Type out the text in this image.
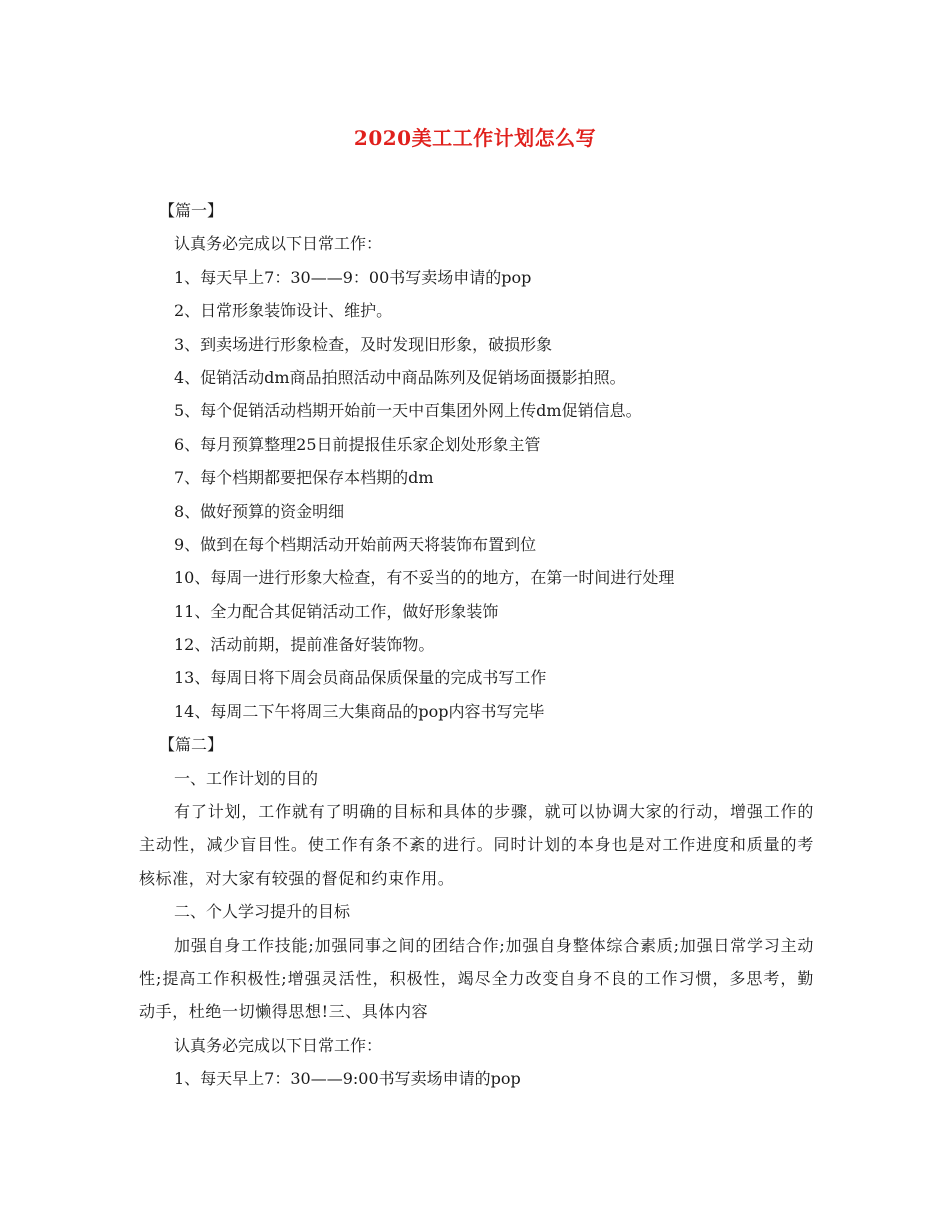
2020美工工作计划怎么写
【篇一】
认真务必完成以下日常工作：
1、每天早上7：30——9：00书写卖场申请的pop
2、日常形象装饰设计、维护。
3、到卖场进行形象检查，及时发现旧形象，破损形象
4、促销活动dm商品拍照活动中商品陈列及促销场面摄影拍照。
5、每个促销活动档期开始前一天中百集团外网上传dm促销信息。
6、每月预算整理25日前提报佳乐家企划处形象主管
7、每个档期都要把保存本档期的dm
8、做好预算的资金明细
9、做到在每个档期活动开始前两天将装饰布置到位
10、每周一进行形象大检查，有不妥当的的地方，在第一时间进行处理
11、全力配合其促销活动工作，做好形象装饰
12、活动前期，提前准备好装饰物。
13、每周日将下周会员商品保质保量的完成书写工作
14、每周二下午将周三大集商品的pop内容书写完毕
【篇二】
一、工作计划的目的
有了计划，工作就有了明确的目标和具体的步骤，就可以协调大家的行动，增强工作的主动性，减少盲目性。使工作有条不紊的进行。同时计划的本身也是对工作进度和质量的考核标准，对大家有较强的督促和约束作用。
二、个人学习提升的目标
加强自身工作技能;加强同事之间的团结合作;加强自身整体综合素质;加强日常学习主动性;提高工作积极性;增强灵活性，积极性，竭尽全力改变自身不良的工作习惯，多思考，勤动手，杜绝一切懒得思想!三、具体内容
认真务必完成以下日常工作：
1、每天早上7：30——9:00书写卖场申请的pop
